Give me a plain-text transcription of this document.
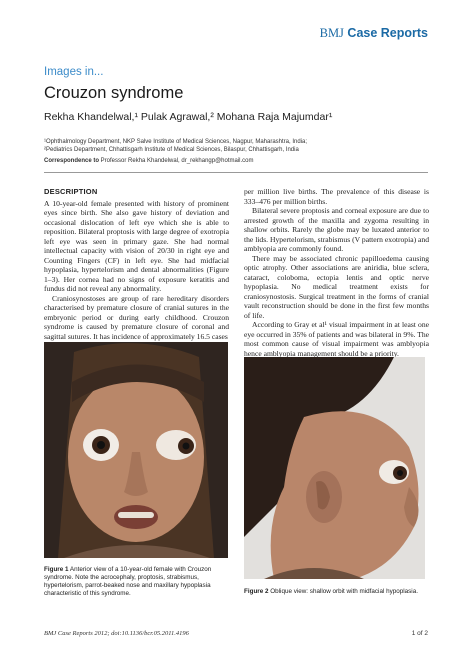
BMJ Case Reports
Images in...
Crouzon syndrome
Rekha Khandelwal,¹ Pulak Agrawal,² Mohana Raja Majumdar¹
¹Ophthalmology Department, NKP Salve Institute of Medical Sciences, Nagpur, Maharashtra, India;
²Pediatrics Department, Chhattisgarh Institute of Medical Sciences, Bilaspur, Chhattisgarh, India
Correspondence to Professor Rekha Khandelwal, dr_rekhangp@hotmail.com
DESCRIPTION

A 10-year-old female presented with history of prominent eyes since birth. She also gave history of deviation and occasional dislocation of left eye which she is able to reposition. Bilateral proptosis with large degree of exotropia left eye was seen in primary gaze. She had normal intellectual capacity with vision of 20/30 in right eye and Counting Fingers (CF) in left eye. She had midfacial hypoplasia, hypertelorism and dental abnormalities (Figure 1–3). Her cornea had no signs of exposure keratitis and fundus did not reveal any abnormality.

Craniosynostoses are group of rare hereditary disorders characterised by premature closure of cranial sutures in the embryonic period or during early childhood. Crouzon syndrome is caused by premature closure of coronal and sagittal sutures. It has incidence of approximately 16.5 cases

per million live births. The prevalence of this disease is 333–476 per million births.

Bilateral severe proptosis and corneal exposure are due to arrested growth of the maxilla and zygoma resulting in shallow orbits. Rarely the globe may be luxated anterior to the lids. Hypertelorism, strabismus (V pattern exotropia) and amblyopia are commonly found.

There may be associated chronic papilloedema causing optic atrophy. Other associations are aniridia, blue sclera, cataract, coloboma, ectopia lentis and optic nerve hypoplasia. No medical treatment exists for craniosynostosis. Surgical treatment in the forms of cranial vault reconstruction should be done in the first few months of life.

According to Gray et al¹ visual impairment in at least one eye occurred in 35% of patients and was bilateral in 9%. The most common cause of visual impairment was amblyopia hence amblyopia management should be a priority.

Figure 1 Anterior view of a 10-year-old female with Crouzon syndrome. Note the acrocephaly, proptosis, strabismus, hypertelorism, parrot-beaked nose and maxillary hypoplasia characteristic of this syndrome.	Figure 2 Oblique view: shallow orbit with midfacial hypoplasia.
BMJ Case Reports 2012; doi:10.1136/bcr.05.2011.4196	1 of 2
